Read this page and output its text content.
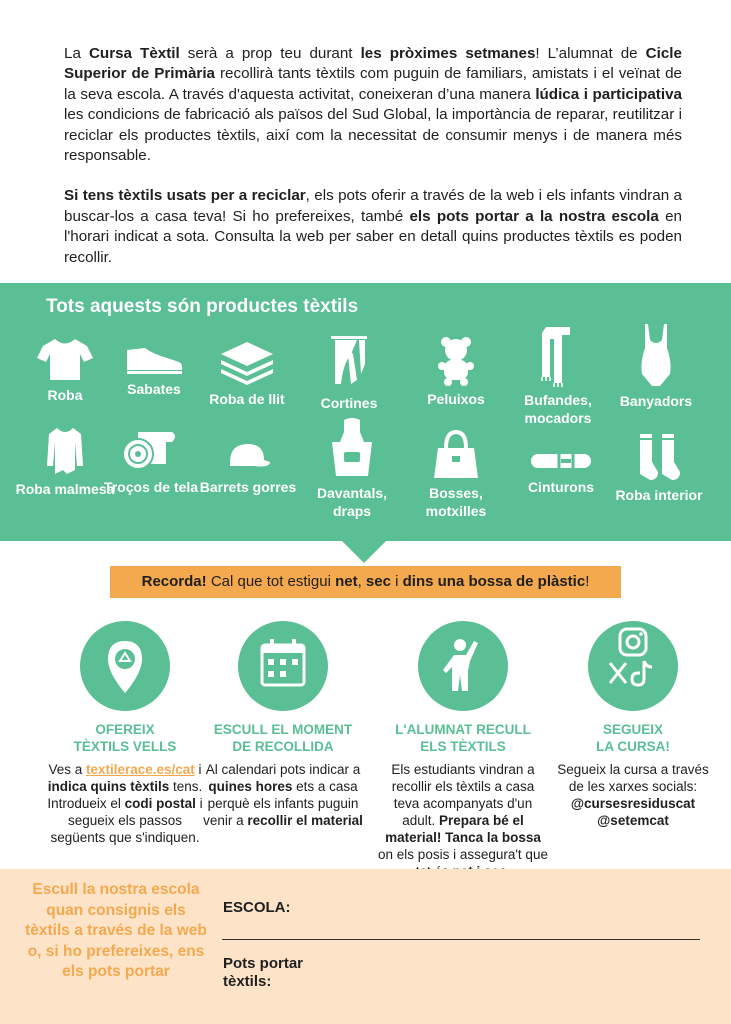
La Cursa Tèxtil serà a prop teu durant les pròximes setmanes! L’alumnat de Cicle Superior de Primària recollirà tants tèxtils com puguin de familiars, amistats i el veïnat de la seva escola. A través d'aquesta activitat, coneixeran d’una manera lúdica i participativa les condicions de fabricació als països del Sud Global, la importància de reparar, reutilitzar i reciclar els productes tèxtils, així com la necessitat de consumir menys i de manera més responsable.

Si tens tèxtils usats per a reciclar, els pots oferir a través de la web i els infants vindran a buscar-los a casa teva! Si ho prefereixes, també els pots portar a la nostra escola en l'horari indicat a sota. Consulta la web per saber en detall quins productes tèxtils es poden recollir.

Tots aquests són productes tèxtils
Roba	Sabates
Roba de llit	Cortines	Peluixos	Bufandes, mocadors
Banyadors
Roba malmesa
Troços de tela Barrets gorres	Davantals, draps
Bosses, motxilles
Cinturons	Roba interior
Recorda! Cal que tot estigui net, sec i dins una bossa de plàstic!
OFEREIX
TÈXTILS VELLS

Ves a textilerace.es/cat i indica quins tèxtils tens. Introdueix el codi postal i segueix els passos següents que s'indiquen.

ESCULL EL MOMENT
DE RECOLLIDA

Al calendari pots indicar a quines hores ets a casa perquè els infants puguin venir a recollir el material

L'ALUMNAT RECULL
ELS TÈXTILS

Els estudiants vindran a recollir els tèxtils a casa teva acompanyats d'un adult. Prepara bé el material! Tanca la bossa on els posis i assegura't que

SEGUEIX
LA CURSA!

Segueix la cursa a través de les xarxes socials:
@cursesresiduscat
@setemcat

Escull la nostra escola quan consignis els tèxtils a través de la web o, si ho prefereixes, ens els pots portar
ESCOLA:
Pots portar
tèxtils:
